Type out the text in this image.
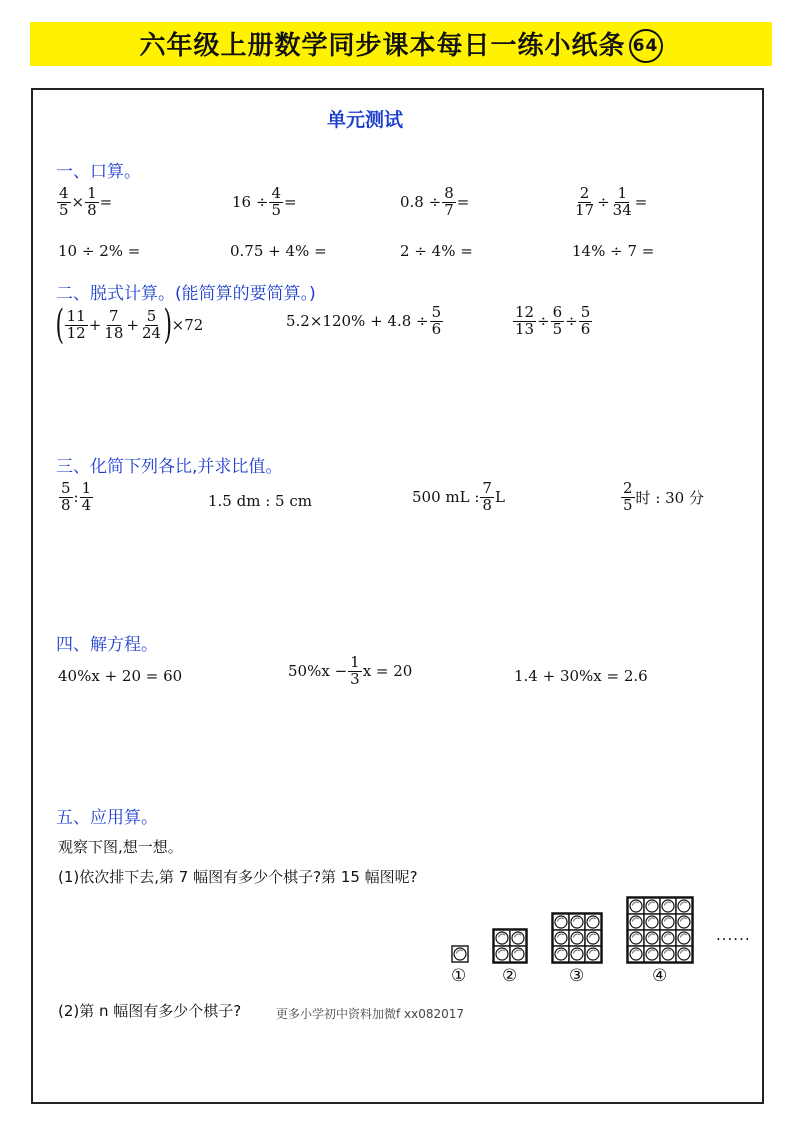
六年级上册数学同步课本每日一练小纸条 64
单元测试
一、口算。
$\frac{4}{5} \times \frac{1}{8}$ =	$16 \div \frac{4}{5}$ =	$0.8 \div \frac{8}{7}$ =	$\frac{2}{17} \div \frac{1}{34}$ =
10 ÷ 2% =	0.75 + 4% =	2 ÷ 4% =	14% ÷ 7 =
二、脱式计算。(能简算的要简算。)
( $\frac{11}{12} + \frac{7}{18} + \frac{5}{24}$ ) ×72	$5.2\times 120\% + 4.8 \div \frac{5}{6}$	$\frac{12}{13} \div \frac{6}{5} \div \frac{5}{6}$
三、化简下列各比,并求比值。
$\frac{5}{8}$ : $\frac{1}{4}$	1.5 dm : 5 cm	500 mL : $\frac{7}{8}$ L	$\frac{2}{5}$ 时 : 30 分
四、解方程。
40%x + 20 = 60	$50\%x - \frac{1}{3}$ x = 20	1.4 + 30%x = 2.6
五、应用算。
观察下图,想一想。
(1)依次排下去,第 7 幅图有多少个棋子?第 15 幅图呢?
① ②	③	④
......
(2)第 n 幅图有多少个棋子?	更多小学初中资料加微f xx082017
